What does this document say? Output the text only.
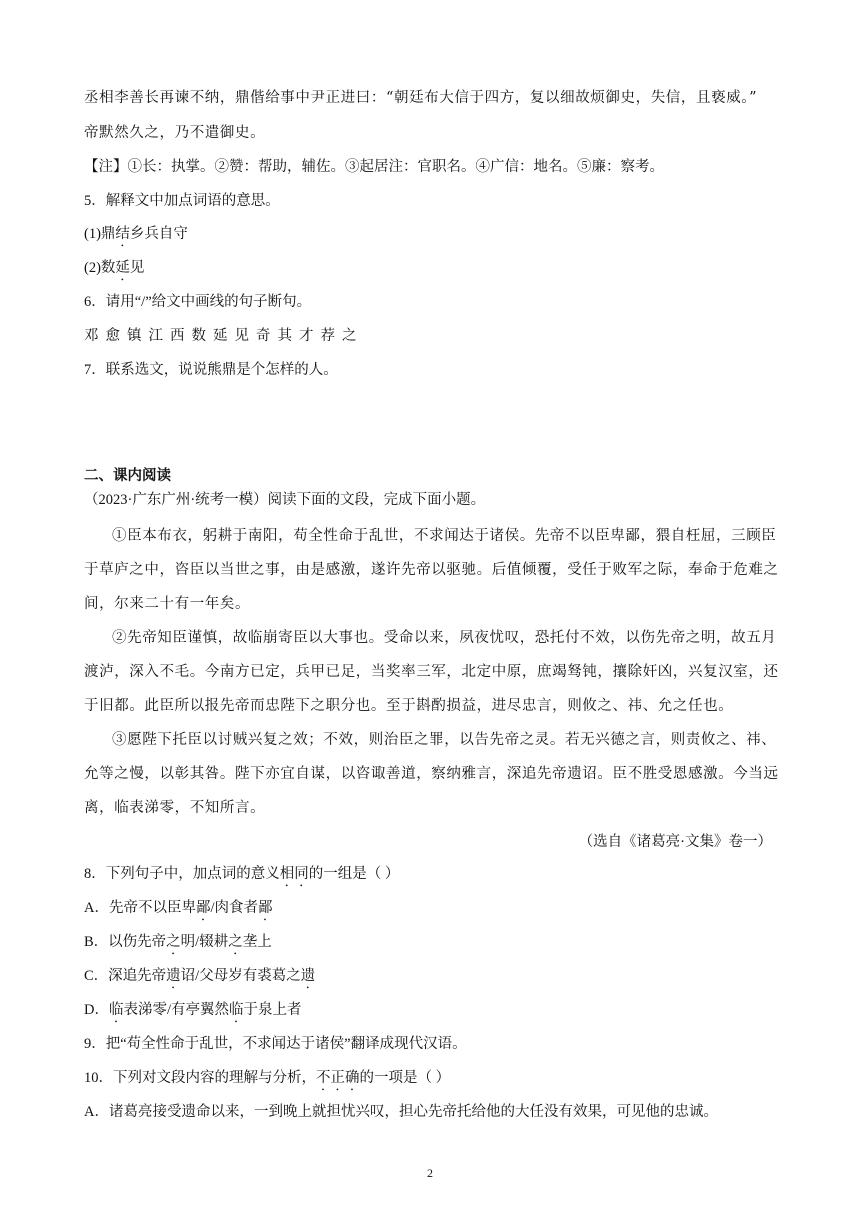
丞相李善长再谏不纳，鼎偕给事中尹正进曰：“朝廷布大信于四方，复以细故烦御史，失信，且亵威。”
帝默然久之，乃不遣御史。
【注】①长：执掌。②赞：帮助，辅佐。③起居注：官职名。④广信：地名。⑤廉：察考。
5．解释文中加点词语的意思。
(1)鼎结乡兵自守
(2)数延见
6．请用“/”给文中画线的句子断句。
邓愈镇江西数延见奇其才荐之
7．联系选文，说说熊鼎是个怎样的人。
二、课内阅读
（2023·广东广州·统考一模）阅读下面的文段，完成下面小题。
①臣本布衣，躬耕于南阳，苟全性命于乱世，不求闻达于诸侯。先帝不以臣卑鄙，猥自枉屈，三顾臣
于草庐之中，咨臣以当世之事，由是感激，遂许先帝以驱驰。后值倾覆，受任于败军之际，奉命于危难之
间，尔来二十有一年矣。
②先帝知臣谨慎，故临崩寄臣以大事也。受命以来，夙夜忧叹，恐托付不效，以伤先帝之明，故五月
渡泸，深入不毛。今南方已定，兵甲已足，当奖率三军，北定中原，庶竭驽钝，攘除奸凶，兴复汉室，还
于旧都。此臣所以报先帝而忠陛下之职分也。至于斟酌损益，进尽忠言，则攸之、祎、允之任也。
③愿陛下托臣以讨贼兴复之效；不效，则治臣之罪，以告先帝之灵。若无兴德之言，则责攸之、祎、
允等之慢，以彰其咎。陛下亦宜自谋，以咨诹善道，察纳雅言，深追先帝遗诏。臣不胜受恩感激。今当远
离，临表涕零，不知所言。
（选自《诸葛亮·文集》卷一）
8．下列句子中，加点词的意义相同的一组是（ ）
A．先帝不以臣卑鄙/肉食者鄙
B．以伤先帝之明/辍耕之垄上
C．深追先帝遗诏/父母岁有裘葛之遗
D．临表涕零/有亭翼然临于泉上者
9．把“苟全性命于乱世，不求闻达于诸侯”翻译成现代汉语。
10．下列对文段内容的理解与分析，不正确的一项是（ ）
A．诸葛亮接受遗命以来，一到晚上就担忧兴叹，担心先帝托给他的大任没有效果，可见他的忠诚。
2
